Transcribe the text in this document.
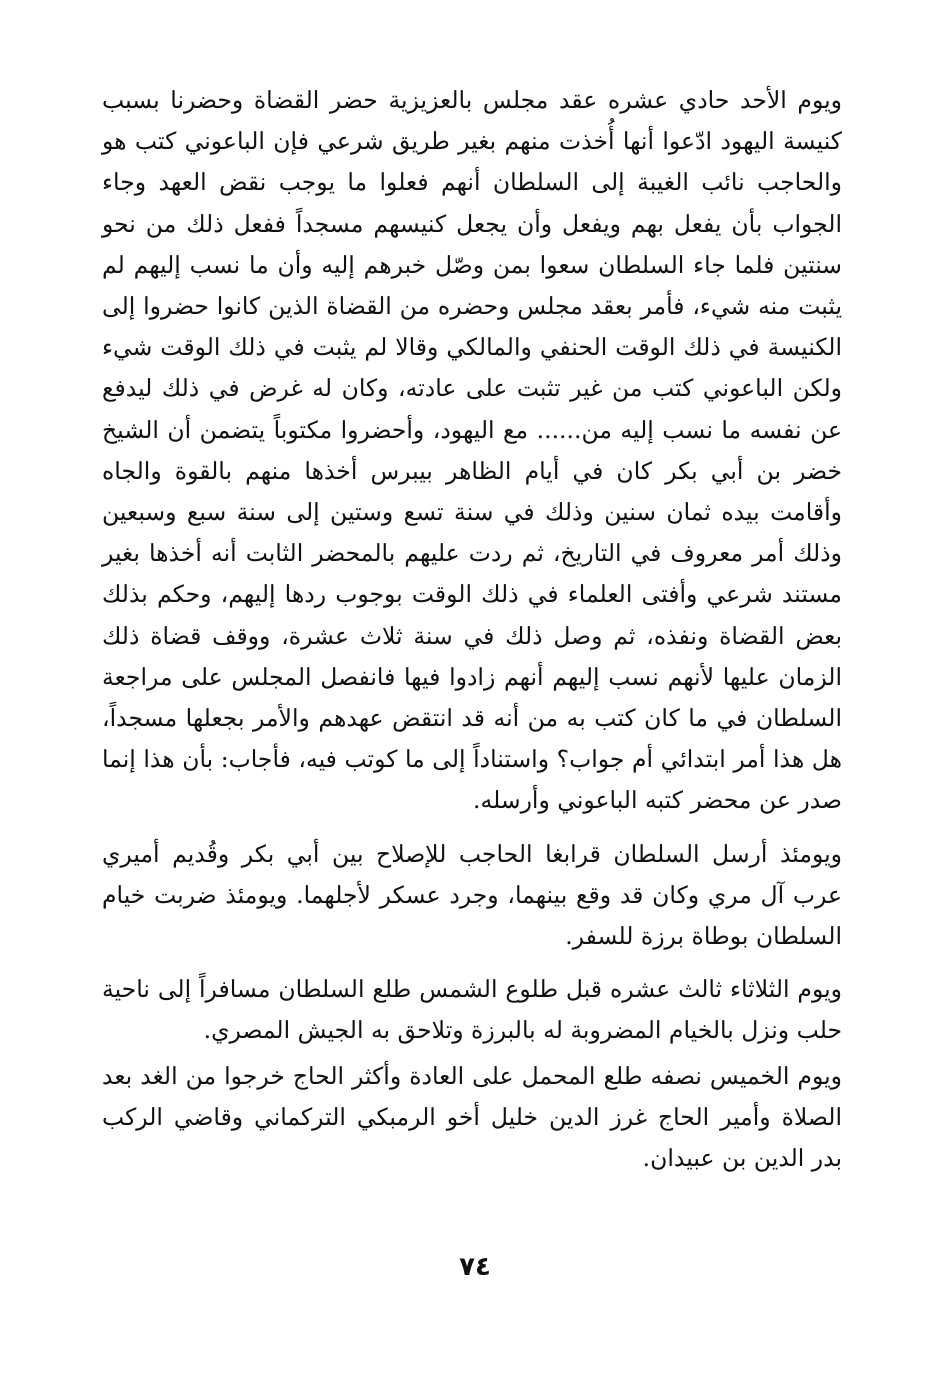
ويوم الأحد حادي عشره عقد مجلس بالعزيزية حضر القضاة وحضرنا بسبب كنيسة اليهود ادّعوا أنها أُخذت منهم بغير طريق شرعي فإن الباعوني كتب هو والحاجب نائب الغيبة إلى السلطان أنهم فعلوا ما يوجب نقض العهد وجاء الجواب بأن يفعل بهم ويفعل وأن يجعل كنيسهم مسجداً ففعل ذلك من نحو سنتين فلما جاء السلطان سعوا بمن وصّل خبرهم إليه وأن ما نسب إليهم لم يثبت منه شيء، فأمر بعقد مجلس وحضره من القضاة الذين كانوا حضروا إلى الكنيسة في ذلك الوقت الحنفي والمالكي وقالا لم يثبت في ذلك الوقت شيء ولكن الباعوني كتب من غير تثبت على عادته، وكان له غرض في ذلك ليدفع عن نفسه ما نسب إليه من...... مع اليهود، وأحضروا مكتوباً يتضمن أن الشيخ خضر بن أبي بكر كان في أيام الظاهر بيبرس أخذها منهم بالقوة والجاه وأقامت بيده ثمان سنين وذلك في سنة تسع وستين إلى سنة سبع وسبعين وذلك أمر معروف في التاريخ، ثم ردت عليهم بالمحضر الثابت أنه أخذها بغير مستند شرعي وأفتى العلماء في ذلك الوقت بوجوب ردها إليهم، وحكم بذلك بعض القضاة ونفذه، ثم وصل ذلك في سنة ثلاث عشرة، ووقف قضاة ذلك الزمان عليها لأنهم نسب إليهم أنهم زادوا فيها فانفصل المجلس على مراجعة السلطان في ما كان كتب به من أنه قد انتقض عهدهم والأمر بجعلها مسجداً، هل هذا أمر ابتدائي أم جواب؟ واستناداً إلى ما كوتب فيه، فأجاب: بأن هذا إنما صدر عن محضر كتبه الباعوني وأرسله.

ويومئذ أرسل السلطان قرابغا الحاجب للإصلاح بين أبي بكر وقُديم أميري عرب آل مري وكان قد وقع بينهما، وجرد عسكر لأجلهما. ويومئذ ضربت خيام السلطان بوطاة برزة للسفر.

ويوم الثلاثاء ثالث عشره قبل طلوع الشمس طلع السلطان مسافراً إلى ناحية حلب ونزل بالخيام المضروبة له بالبرزة وتلاحق به الجيش المصري.

ويوم الخميس نصفه طلع المحمل على العادة وأكثر الحاج خرجوا من الغد بعد الصلاة وأمير الحاج غرز الدين خليل أخو الرمبكي التركماني وقاضي الركب بدر الدين بن عبيدان.

٧٤
